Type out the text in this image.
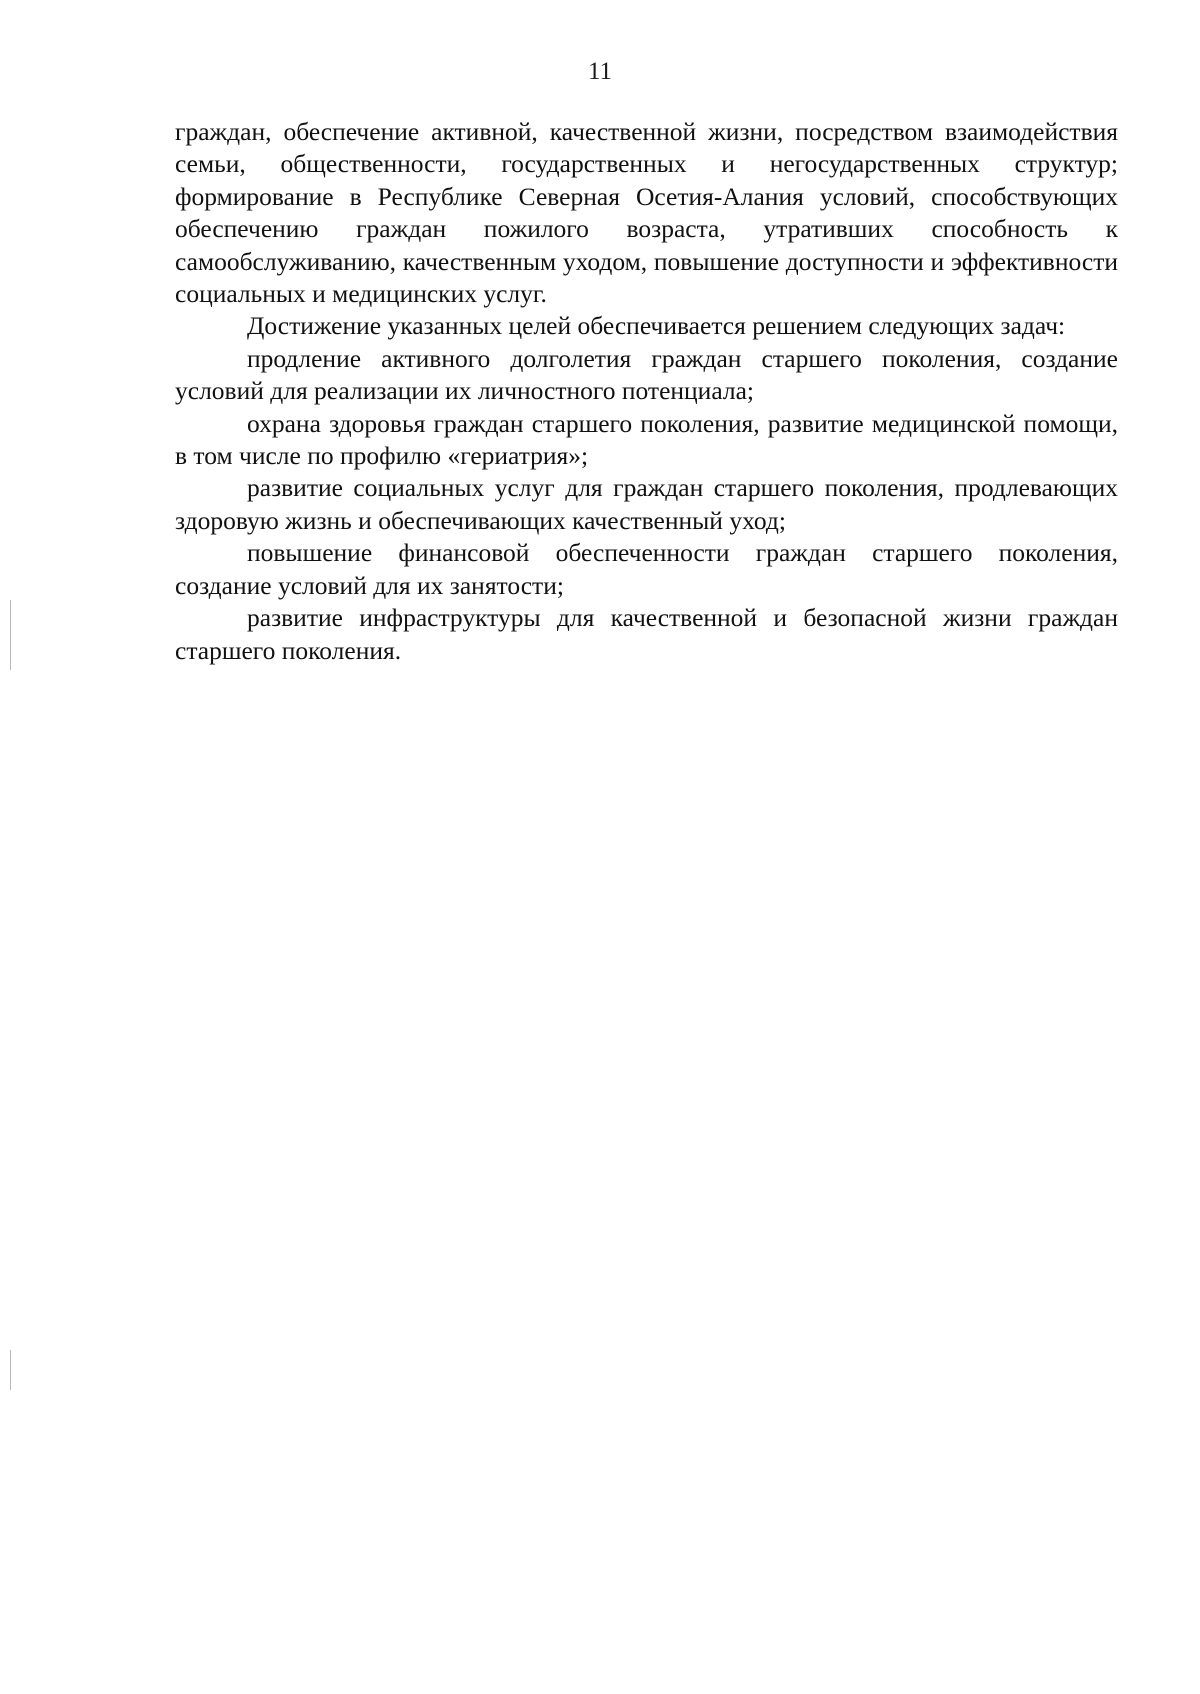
11

граждан, обеспечение активной, качественной жизни, посредством взаимодействия семьи, общественности, государственных и негосударственных структур; формирование в Республике Северная Осетия-Алания условий, способствующих обеспечению граждан пожилого возраста, утративших способность к самообслуживанию, качественным уходом, повышение доступности и эффективности социальных и медицинских услуг.

Достижение указанных целей обеспечивается решением следующих задач:

продление активного долголетия граждан старшего поколения, создание условий для реализации их личностного потенциала;

охрана здоровья граждан старшего поколения, развитие медицинской помощи, в том числе по профилю «гериатрия»;

развитие социальных услуг для граждан старшего поколения, продлевающих здоровую жизнь и обеспечивающих качественный уход;

повышение финансовой обеспеченности граждан старшего поколения, создание условий для их занятости;

развитие инфраструктуры для качественной и безопасной жизни граждан старшего поколения.
